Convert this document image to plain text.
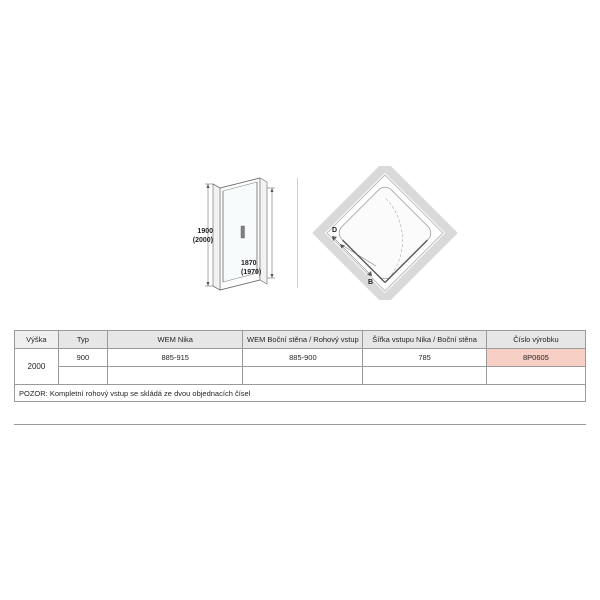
1900
(2000)
1870
(1970)
D
B
Výška	Typ	WEM Nika	WEM Boční stěna / Rohový vstup	Šířka vstupu Nika / Boční stěna	Číslo výrobku
2000	900	885-915	885-900	785	8P0605

POZOR: Kompletní rohový vstup se skládá ze dvou objednacích čísel					
